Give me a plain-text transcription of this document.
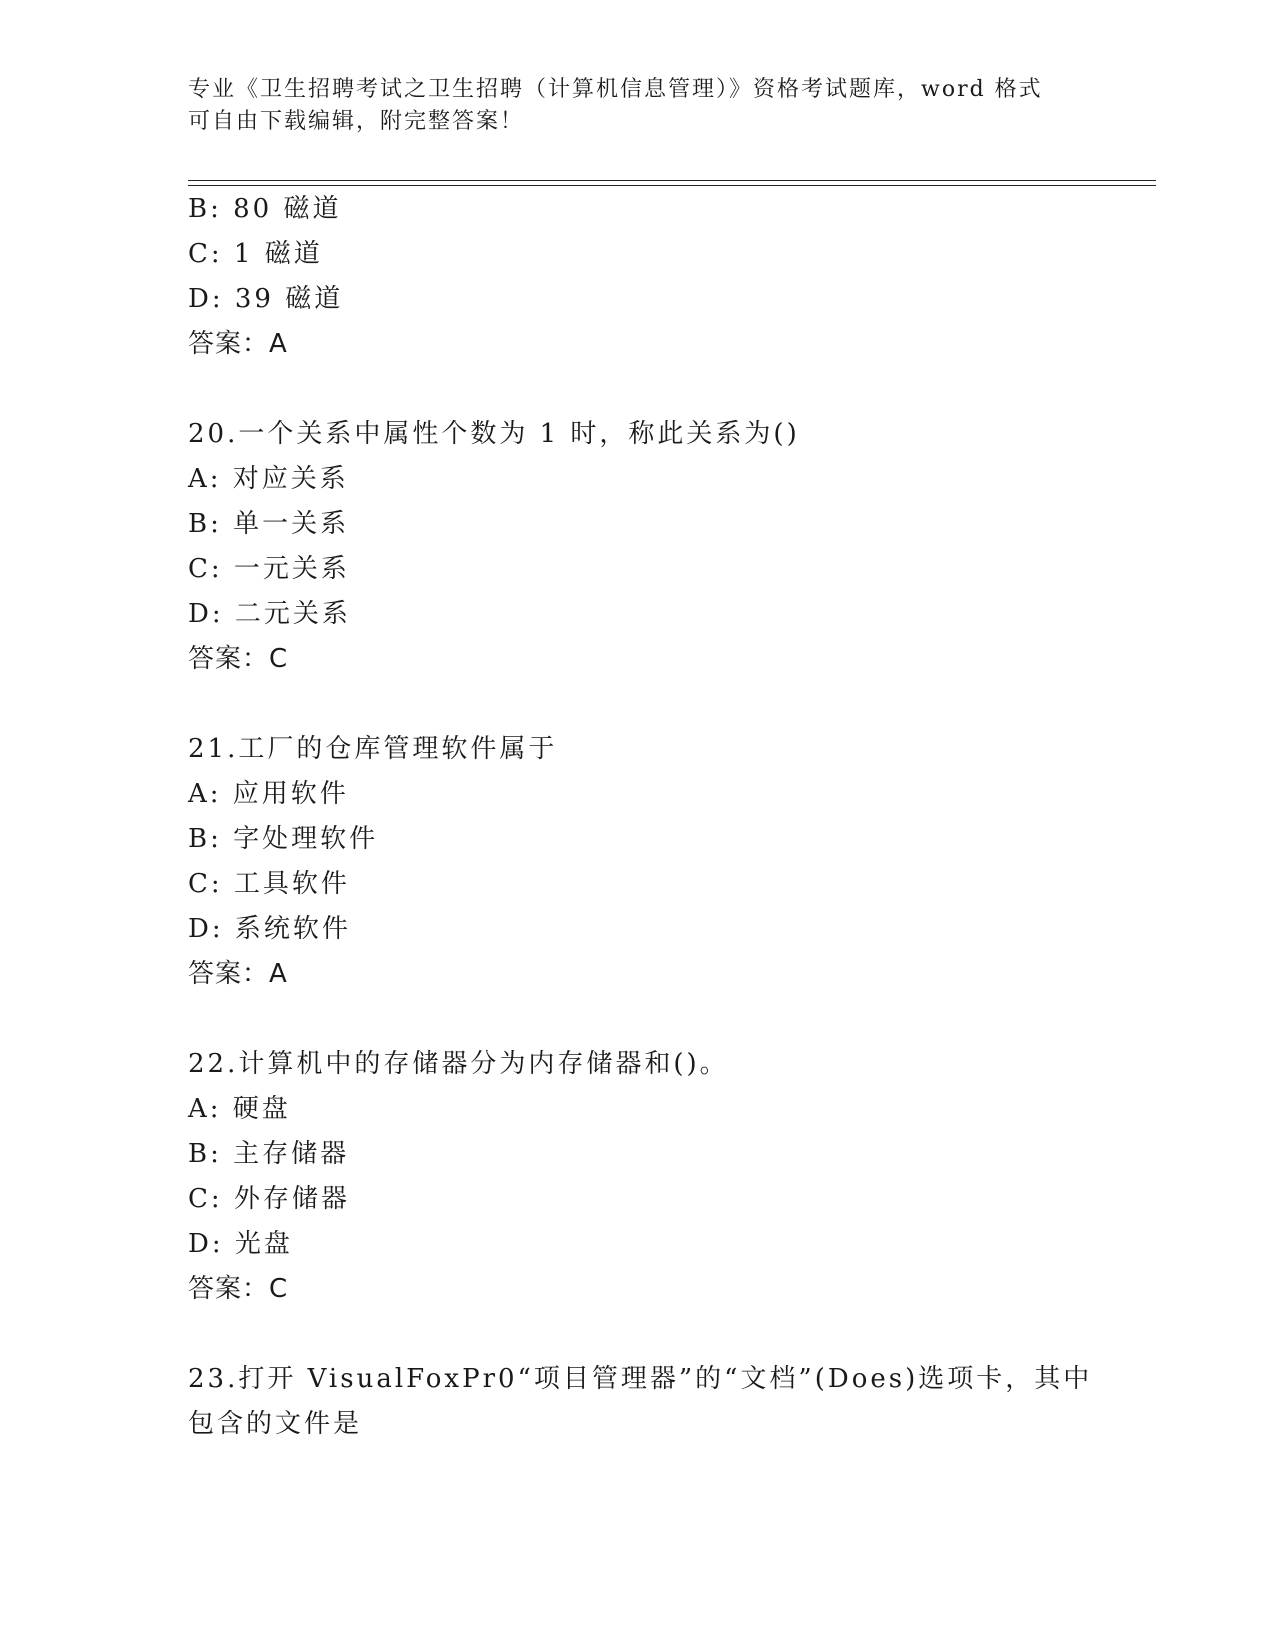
专业《卫生招聘考试之卫生招聘（计算机信息管理）》资格考试题库，word 格式
可自由下载编辑，附完整答案！
B: 80 磁道
C: 1 磁道
D: 39 磁道
答案：A
20.一个关系中属性个数为 1 时，称此关系为()
A: 对应关系
B: 单一关系
C: 一元关系
D: 二元关系
答案：C
21.工厂的仓库管理软件属于
A: 应用软件
B: 字处理软件
C: 工具软件
D: 系统软件
答案：A
22.计算机中的存储器分为内存储器和()。
A: 硬盘
B: 主存储器
C: 外存储器
D: 光盘
答案：C
23.打开 VisualFoxPr0“项目管理器”的“文档”(Does)选项卡，其中
包含的文件是
